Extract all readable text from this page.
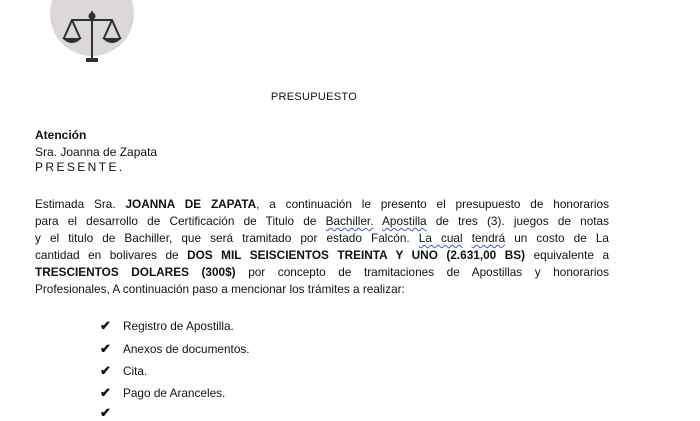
PRESUPUESTO
Atención
Sra. Joanna de Zapata
PRESENTE.
Estimada Sra. JOANNA DE ZAPATA, a continuación le presento el presupuesto de honorarios
para el desarrollo de Certificación de Titulo de Bachiller. Apostilla de tres (3). juegos de notas
y el titulo de Bachiller, que será tramitado por estado Falcón. La cual tendrá un costo de La
cantidad en bolivares de DOS MIL SEISCIENTOS TREINTA Y UNO (2.631,00 BS) equivalente a
TRESCIENTOS DOLARES (300$) por concepto de tramitaciones de Apostillas y honorarios
Profesionales, A continuación paso a mencionar los trámites a realizar:
✔ Registro de Apostilla.
✔ Anexos de documentos.
✔ Cita.
✔ Pago de Aranceles.
✔
